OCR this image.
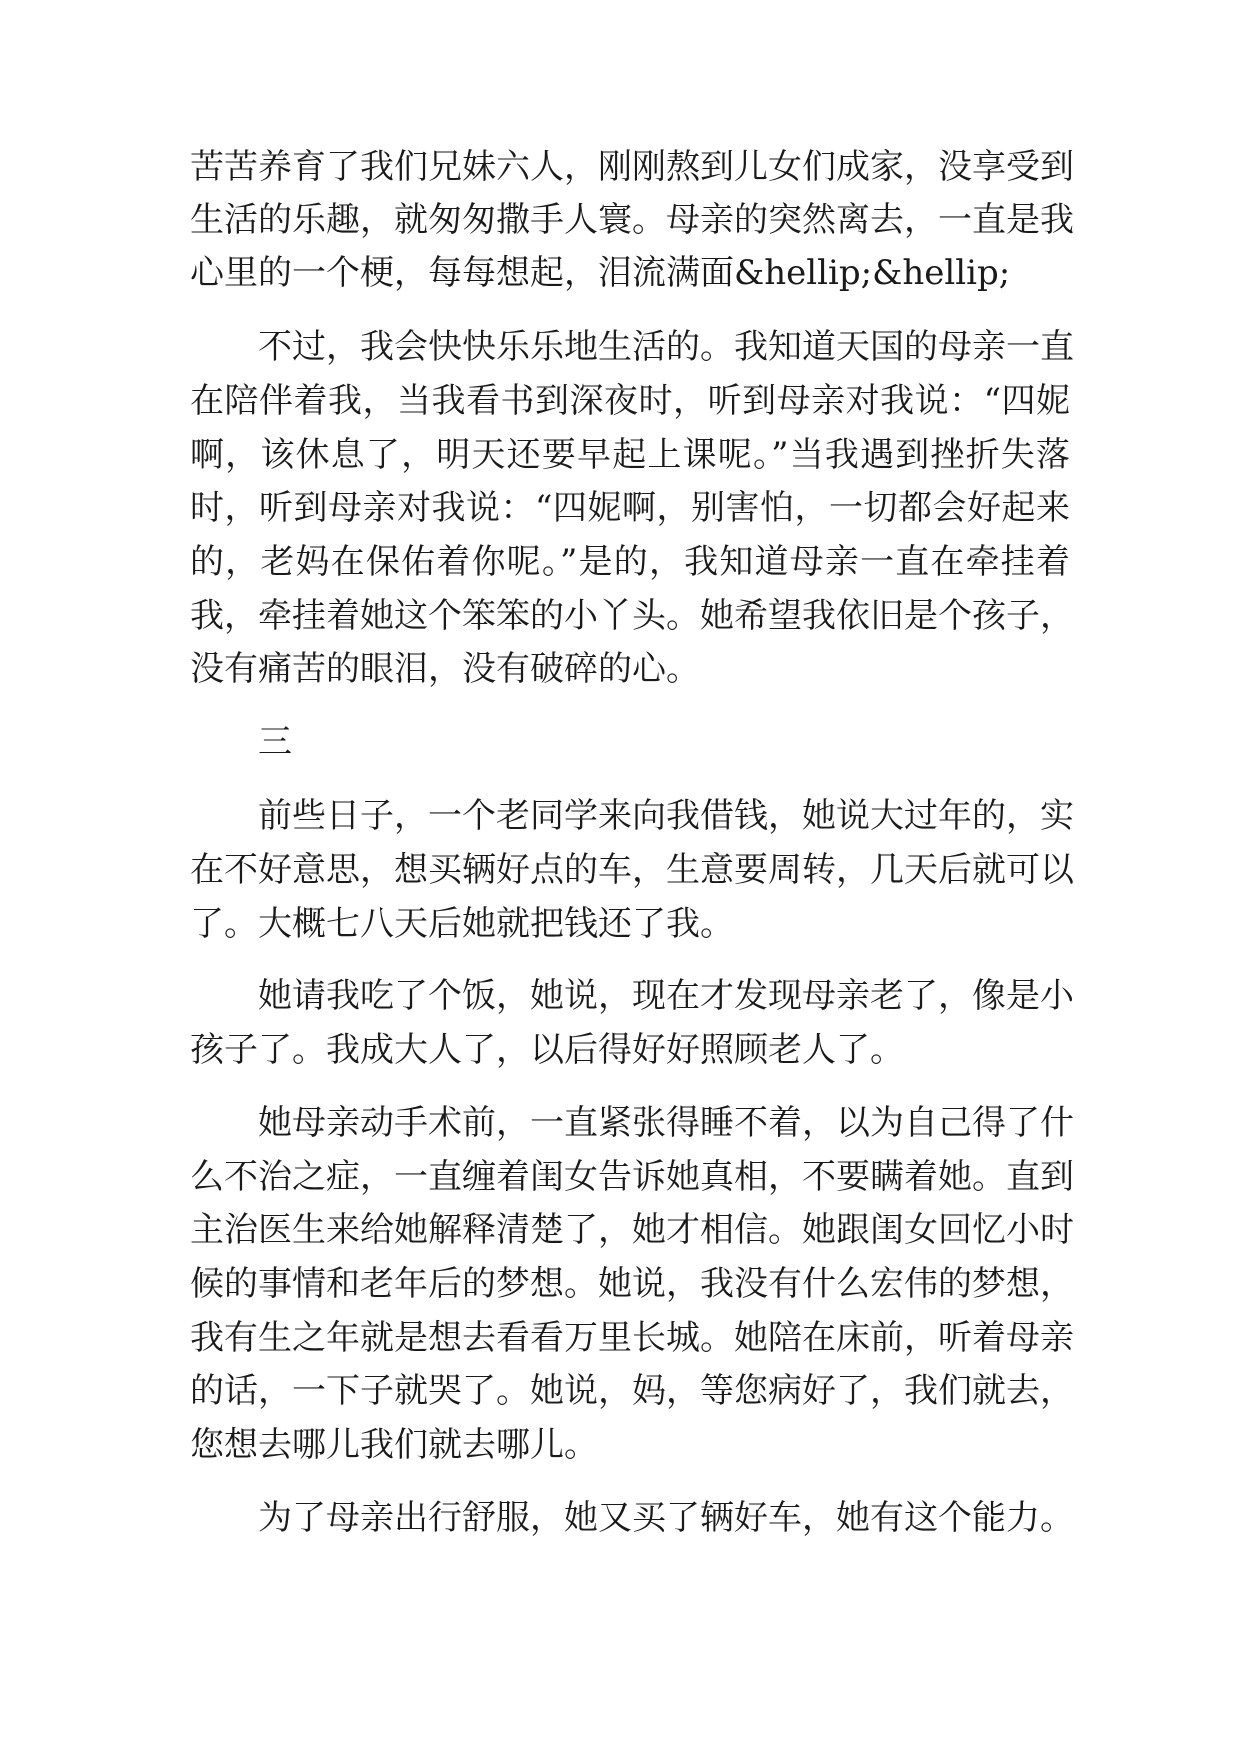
苦苦养育了我们兄妹六人，刚刚熬到儿女们成家，没享受到
生活的乐趣，就匆匆撒手人寰。母亲的突然离去，一直是我
心里的一个梗，每每想起，泪流满面&hellip;&hellip;
不过，我会快快乐乐地生活的。我知道天国的母亲一直
在陪伴着我，当我看书到深夜时，听到母亲对我说：“四妮
啊，该休息了，明天还要早起上课呢。”当我遇到挫折失落
时，听到母亲对我说：“四妮啊，别害怕，一切都会好起来
的，老妈在保佑着你呢。”是的，我知道母亲一直在牵挂着
我，牵挂着她这个笨笨的小丫头。她希望我依旧是个孩子，
没有痛苦的眼泪，没有破碎的心。
三
前些日子，一个老同学来向我借钱，她说大过年的，实
在不好意思，想买辆好点的车，生意要周转，几天后就可以
了。大概七八天后她就把钱还了我。
她请我吃了个饭，她说，现在才发现母亲老了，像是小
孩子了。我成大人了，以后得好好照顾老人了。
她母亲动手术前，一直紧张得睡不着，以为自己得了什
么不治之症，一直缠着闺女告诉她真相，不要瞒着她。直到
主治医生来给她解释清楚了，她才相信。她跟闺女回忆小时
候的事情和老年后的梦想。她说，我没有什么宏伟的梦想，
我有生之年就是想去看看万里长城。她陪在床前，听着母亲
的话，一下子就哭了。她说，妈，等您病好了，我们就去，
您想去哪儿我们就去哪儿。
为了母亲出行舒服，她又买了辆好车，她有这个能力。
